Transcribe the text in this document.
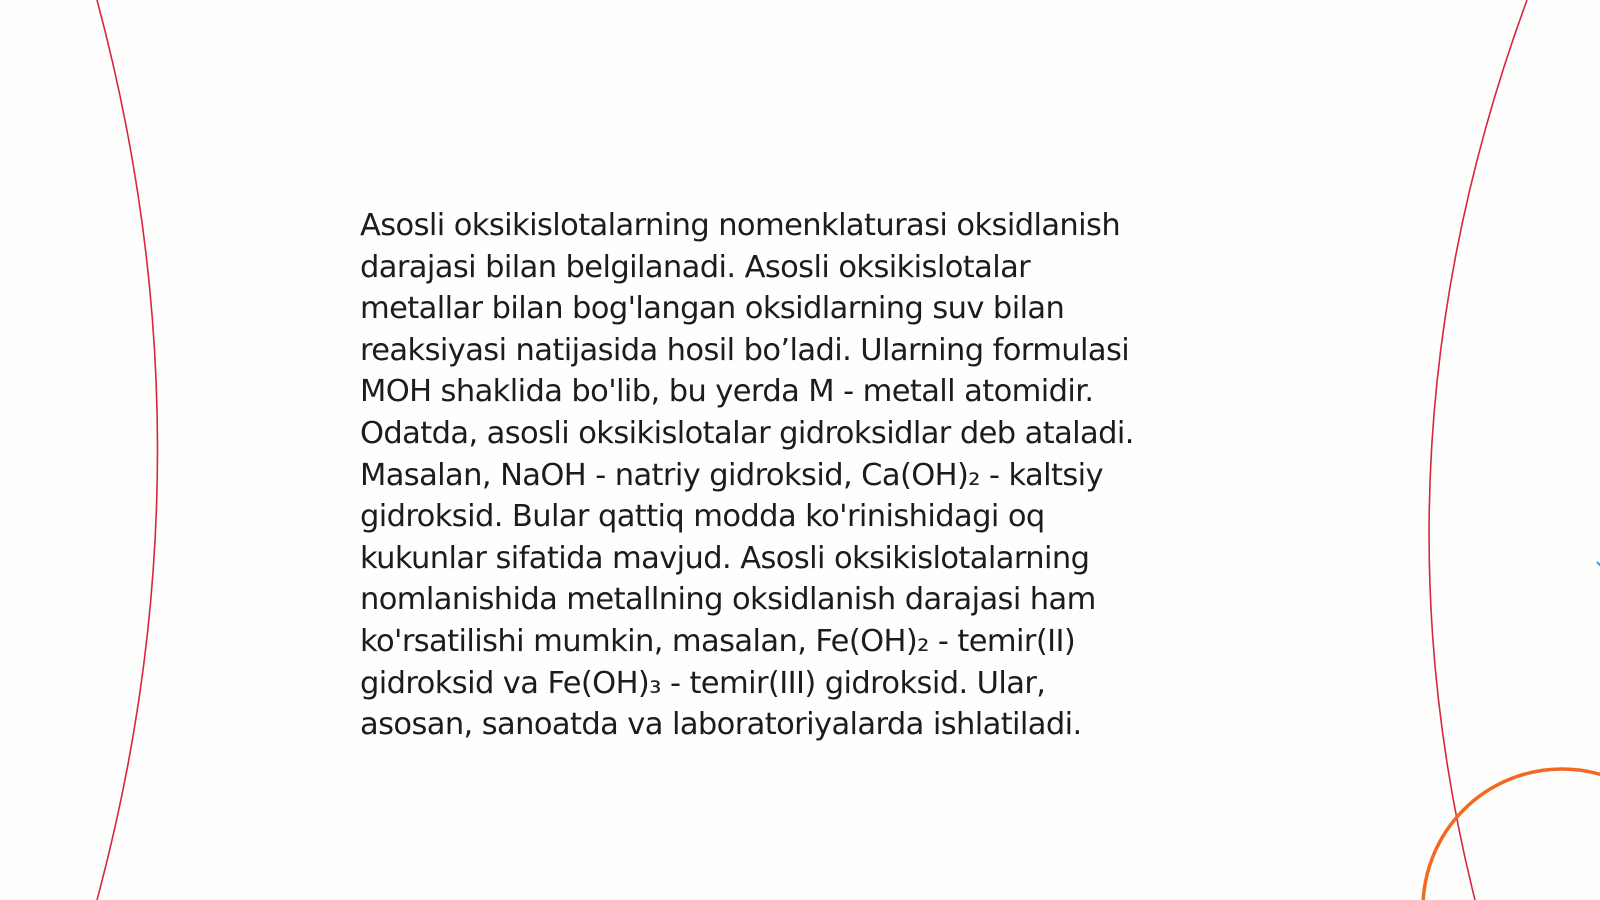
Asosli oksikislotalarning nomenklaturasi oksidlanish
darajasi bilan belgilanadi. Asosli oksikislotalar
metallar bilan bog'langan oksidlarning suv bilan
reaksiyasi natijasida hosil bo’ladi. Ularning formulasi
MOH shaklida bo'lib, bu yerda M - metall atomidir.
Odatda, asosli oksikislotalar gidroksidlar deb ataladi.
Masalan, NaOH - natriy gidroksid, Ca(OH)₂ - kaltsiy
gidroksid. Bular qattiq modda ko'rinishidagi oq
kukunlar sifatida mavjud. Asosli oksikislotalarning
nomlanishida metallning oksidlanish darajasi ham
ko'rsatilishi mumkin, masalan, Fe(OH)₂ - temir(II)
gidroksid va Fe(OH)₃ - temir(III) gidroksid. Ular,
asosan, sanoatda va laboratoriyalarda ishlatiladi.
